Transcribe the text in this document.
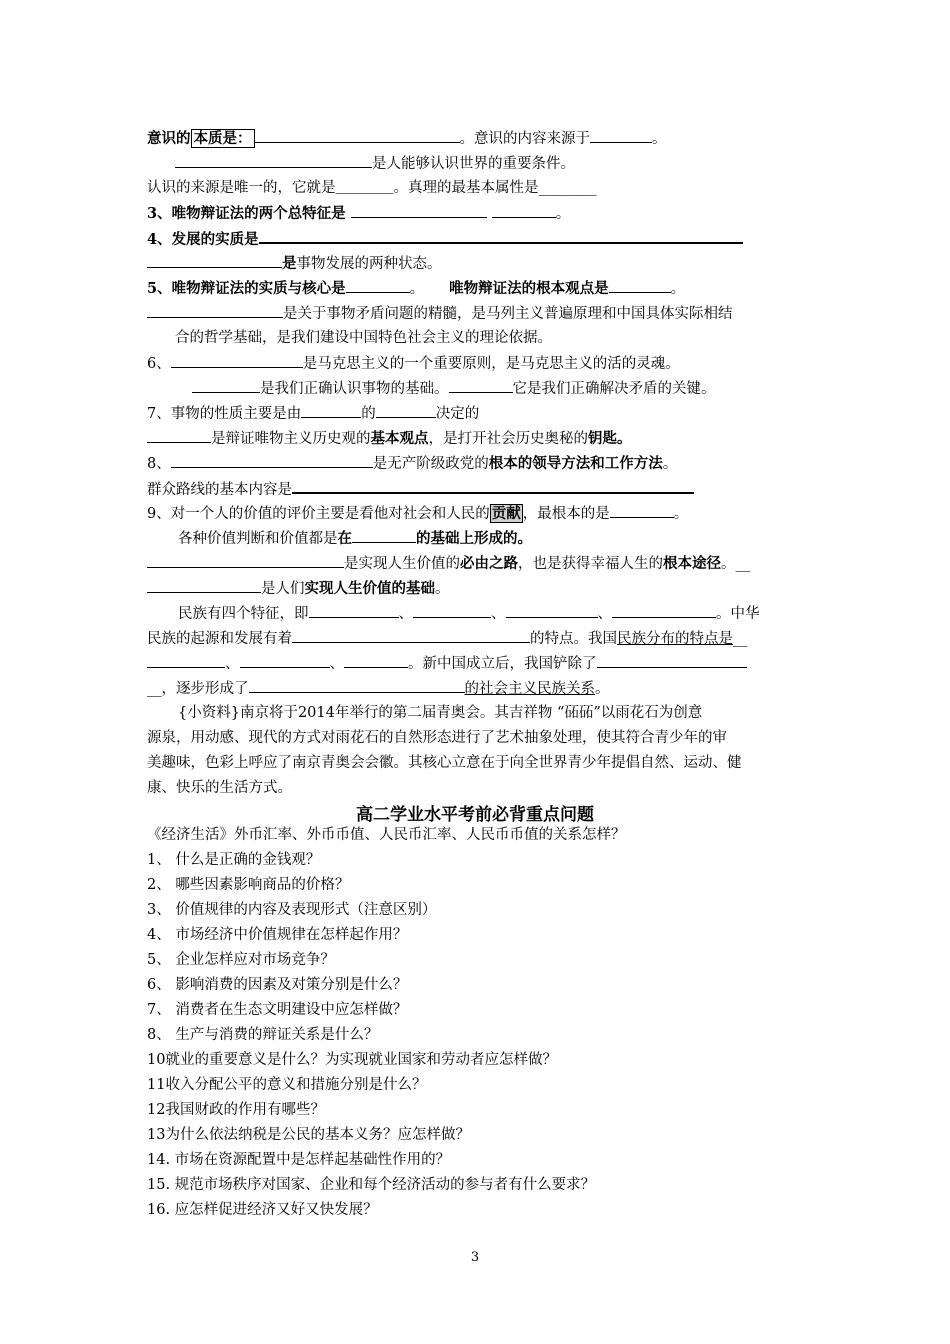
意识的 本质是：	。意识的内容来源于	。
是人能够认识世界的重要条件。
认识的来源是唯一的，它就是＿＿＿＿。真理的最基本属性是________
3、唯物辩证法的两个总特征是	。
4、发展的实质是
是事物发展的两种状态。
5、唯物辩证法的实质与核心是	。 唯物辩证法的根本观点是	。
是关于事物矛盾问题的精髓，是马列主义普遍原理和中国具体实际相结
合的哲学基础，是我们建设中国特色社会主义的理论依据。
6、	是马克思主义的一个重要原则，是马克思主义的活的灵魂。
是我们正确认识事物的基础。	它是我们正确解决矛盾的关键。
7、事物的性质主要是由	的	决定的
是辩证唯物主义历史观的基本观点，是打开社会历史奥秘的钥匙。
8、	是无产阶级政党的根本的领导方法和工作方法。
群众路线的基本内容是
9、对一个人的价值的评价主要是看他对社会和人民的 贡献 ，最根本的是	。
各种价值判断和价值都是在	的基础上形成的。
是实现人生价值的必由之路，也是获得幸福人生的根本途径。__
是人们实现人生价值的基础。
民族有四个特征，即	、	、	、	。中华
民族的起源和发展有着	的特点。我国民族分布的特点是__
、	、	。新中国成立后，我国铲除了
__，逐步形成了	的社会主义民族关系。
{小资料}南京将于2014年举行的第二届青奥会。其吉祥物 “砳砳”以雨花石为创意
源泉，用动感、现代的方式对雨花石的自然形态进行了艺术抽象处理，使其符合青少年的审
美趣味，色彩上呼应了南京青奥会会徽。其核心立意在于向全世界青少年提倡自然、运动、健
康、快乐的生活方式。
高二学业水平考前必背重点问题
《经济生活》外币汇率、外币币值、人民币汇率、人民币币值的关系怎样？
1、 什么是正确的金钱观？
2、 哪些因素影响商品的价格？
3、 价值规律的内容及表现形式（注意区别）
4、 市场经济中价值规律在怎样起作用？
5、 企业怎样应对市场竞争？
6、 影响消费的因素及对策分别是什么？
7、 消费者在生态文明建设中应怎样做？
8、 生产与消费的辩证关系是什么？
10就业的重要意义是什么？为实现就业国家和劳动者应怎样做？
11收入分配公平的意义和措施分别是什么？
12我国财政的作用有哪些？
13为什么依法纳税是公民的基本义务？应怎样做？
14. 市场在资源配置中是怎样起基础性作用的？
15. 规范市场秩序对国家、企业和每个经济活动的参与者有什么要求？
16. 应怎样促进经济又好又快发展？
3
